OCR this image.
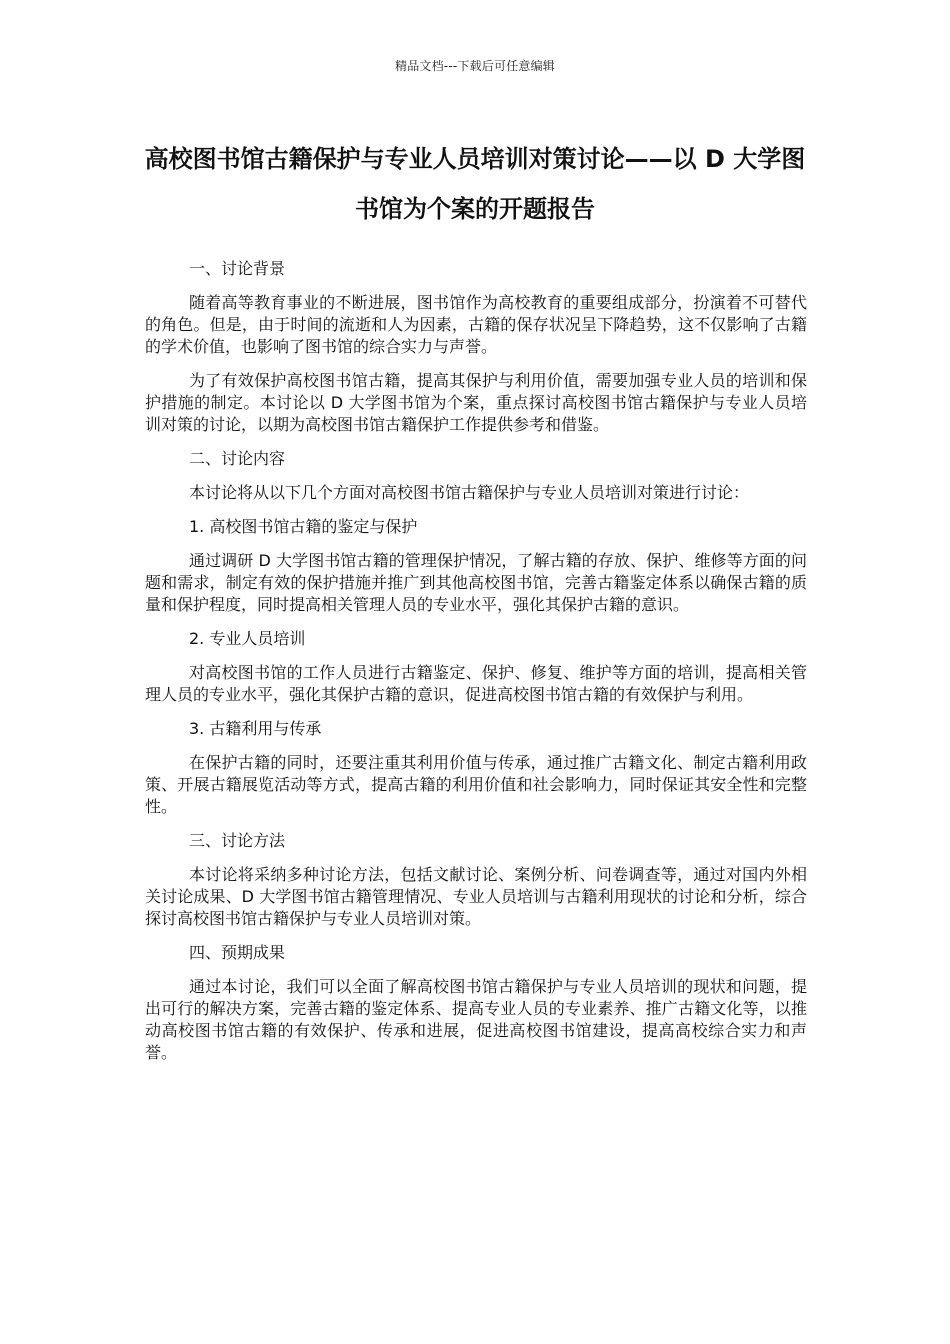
精品文档---下载后可任意编辑
高校图书馆古籍保护与专业人员培训对策讨论——以 D 大学图书馆为个案的开题报告

一、讨论背景

随着高等教育事业的不断进展，图书馆作为高校教育的重要组成部分，扮演着不可替代的角色。但是，由于时间的流逝和人为因素，古籍的保存状况呈下降趋势，这不仅影响了古籍的学术价值，也影响了图书馆的综合实力与声誉。

为了有效保护高校图书馆古籍，提高其保护与利用价值，需要加强专业人员的培训和保护措施的制定。本讨论以 D 大学图书馆为个案，重点探讨高校图书馆古籍保护与专业人员培训对策的讨论，以期为高校图书馆古籍保护工作提供参考和借鉴。

二、讨论内容

本讨论将从以下几个方面对高校图书馆古籍保护与专业人员培训对策进行讨论：

1. 高校图书馆古籍的鉴定与保护

通过调研 D 大学图书馆古籍的管理保护情况，了解古籍的存放、保护、维修等方面的问题和需求，制定有效的保护措施并推广到其他高校图书馆，完善古籍鉴定体系以确保古籍的质量和保护程度，同时提高相关管理人员的专业水平，强化其保护古籍的意识。

2. 专业人员培训

对高校图书馆的工作人员进行古籍鉴定、保护、修复、维护等方面的培训，提高相关管理人员的专业水平，强化其保护古籍的意识，促进高校图书馆古籍的有效保护与利用。

3. 古籍利用与传承

在保护古籍的同时，还要注重其利用价值与传承，通过推广古籍文化、制定古籍利用政策、开展古籍展览活动等方式，提高古籍的利用价值和社会影响力，同时保证其安全性和完整性。

三、讨论方法

本讨论将采纳多种讨论方法，包括文献讨论、案例分析、问卷调查等，通过对国内外相关讨论成果、D 大学图书馆古籍管理情况、专业人员培训与古籍利用现状的讨论和分析，综合探讨高校图书馆古籍保护与专业人员培训对策。

四、预期成果

通过本讨论，我们可以全面了解高校图书馆古籍保护与专业人员培训的现状和问题，提出可行的解决方案，完善古籍的鉴定体系、提高专业人员的专业素养、推广古籍文化等，以推动高校图书馆古籍的有效保护、传承和进展，促进高校图书馆建设，提高高校综合实力和声誉。
